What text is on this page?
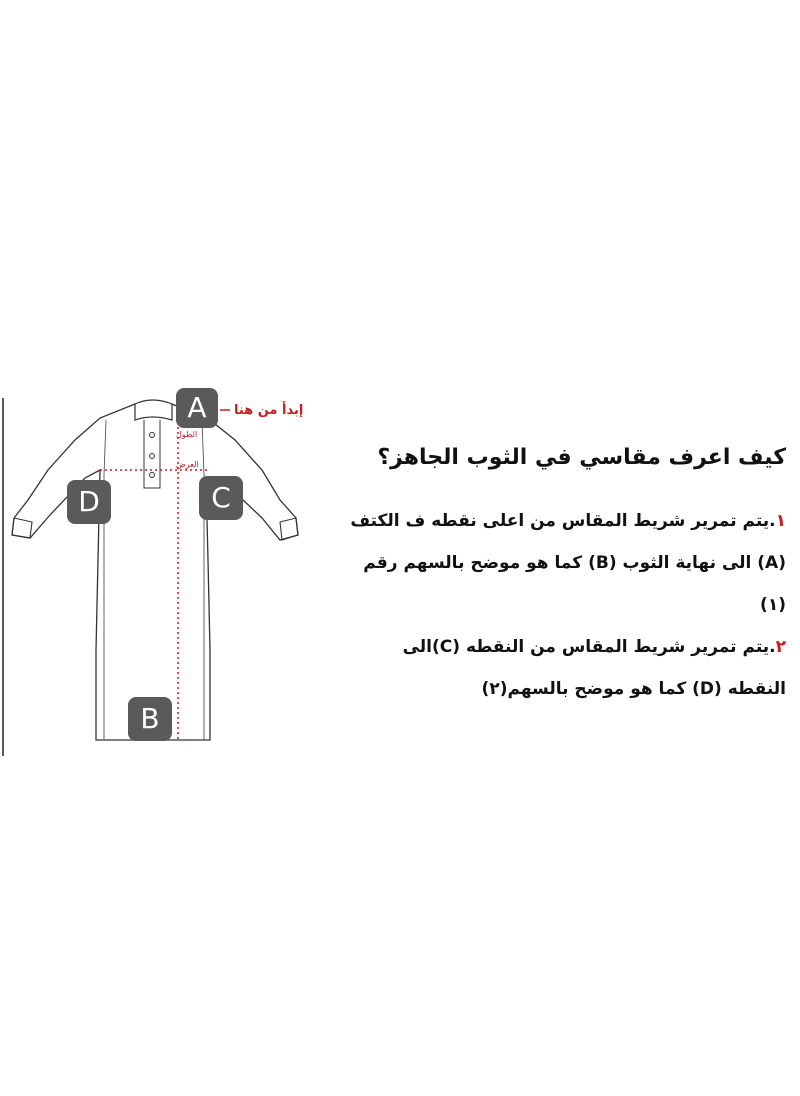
إبدأ من هنا
الطول
العرض
A
D	C
B
كيف اعرف مقاسي في الثوب الجاهز؟

١.يتم تمرير شريط المقاس من اعلى نقطه ف الكتف (A) الى نهاية الثوب (B) كما هو موضح بالسهم رقم (١)

٢.يتم تمرير شريط المقاس من النقطه (C)الى النقطه (D) كما هو موضح بالسهم(٢)
